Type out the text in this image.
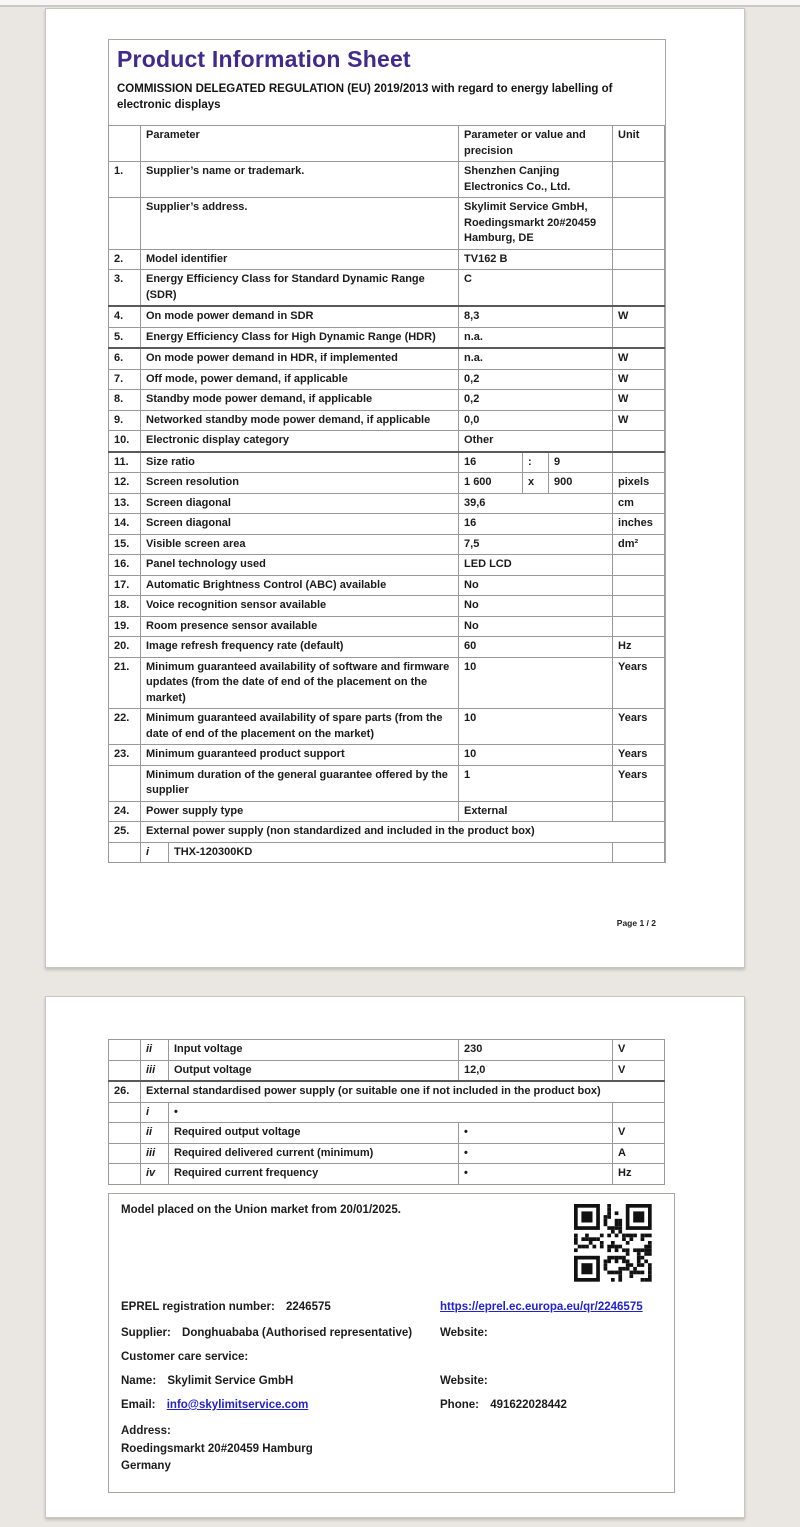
Product Information Sheet
COMMISSION DELEGATED REGULATION (EU) 2019/2013 with regard to energy labelling of electronic displays
	Parameter		Parameter or value and precision			Unit
1.	Supplier’s name or trademark.		Shenzhen Canjing Electronics Co., Ltd.			
	Supplier’s address.		Skylimit Service GmbH, Roedingsmarkt 20#20459 Hamburg, DE			
2.	Model identifier		TV162 B			
3.	Energy Efficiency Class for Standard Dynamic Range (SDR)		C			
4.	On mode power demand in SDR		8,3			W
5.	Energy Efficiency Class for High Dynamic Range (HDR)		n.a.			
6.	On mode power demand in HDR, if implemented		n.a.			W
7.	Off mode, power demand, if applicable		0,2			W
8.	Standby mode power demand, if applicable		0,2			W
9.	Networked standby mode power demand, if applicable		0,0			W
10.	Electronic display category		Other			
11.	Size ratio		16	:	9	
12.	Screen resolution		1 600	x	900	pixels
13.	Screen diagonal		39,6			cm
14.	Screen diagonal		16			inches
15.	Visible screen area		7,5			dm²
16.	Panel technology used		LED LCD			
17.	Automatic Brightness Control (ABC) available		No			
18.	Voice recognition sensor available		No			
19.	Room presence sensor available		No			
20.	Image refresh frequency rate (default)		60			Hz
21.	Minimum guaranteed availability of software and firmware updates (from the date of end of the placement on the market)		10			Years
22.	Minimum guaranteed availability of spare parts (from the date of end of the placement on the market)		10			Years
23.	Minimum guaranteed product support		10			Years
	Minimum duration of the general guarantee offered by the supplier		1			Years
24.	Power supply type		External			
25.	External power supply (non standardized and included in the product box)					
	i	THX-120300KD				
Page 1 / 2
	ii	Input voltage	230	V
	iii	Output voltage	12,0	V
26.	External standardised power supply (or suitable one if not included in the product box)			
	i	•		
	ii	Required output voltage	•	V
	iii	Required delivered current (minimum)	•	A
	iv	Required current frequency	•	Hz
Model placed on the Union market from 20/01/2025.
EPREL registration number: 2246575	https://eprel.ec.europa.eu/qr/2246575
Supplier: Donghuababa (Authorised representative)	Website:
Customer care service:
Name: Skylimit Service GmbH	Website:
Email: info@skylimitservice.com	Phone: 491622028442
Address:
Roedingsmarkt 20#20459 Hamburg
Germany
